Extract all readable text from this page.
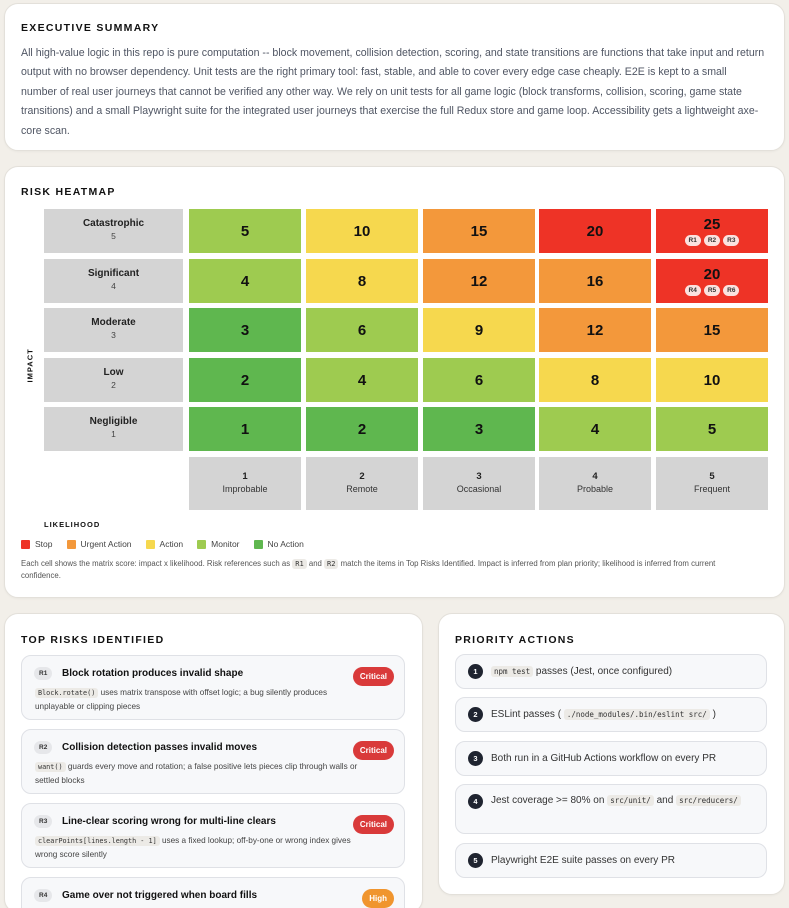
EXECUTIVE SUMMARY

All high-value logic in this repo is pure computation -- block movement, collision detection, scoring, and state transitions are functions that take input and return output with no browser dependency. Unit tests are the right primary tool: fast, stable, and able to cover every edge case cheaply. E2E is kept to a small number of real user journeys that cannot be verified any other way. We rely on unit tests for all game logic (block transforms, collision, scoring, game state transitions) and a small Playwright suite for the integrated user journeys that exercise the full Redux store and game loop. Accessibility gets a lightweight axe-core scan.

RISK HEATMAP
IMPACT
Catastrophic
5	5	10	15	20	25
R1	R2	R3
Significant
4	4	8	12	16	20
R4	R5	R6
Moderate
3	3	6	9	12	15
Low
2	2	4	6	8	10
Negligible
1	1	2	3	4	5
1
Improbable
2
Remote
3
Occasional
4
Probable
5
Frequent
LIKELIHOOD
Stop	Urgent Action	Action	Monitor	No Action

Each cell shows the matrix score: impact x likelihood. Risk references such as R1 and R2 match the items in Top Risks Identified. Impact is inferred from plan priority; likelihood is inferred from current confidence.

TOP RISKS IDENTIFIED
R1	Block rotation produces invalid shape	Critical

Block.rotate() uses matrix transpose with offset logic; a bug silently produces unplayable or clipping pieces

R2	Collision detection passes invalid moves	Critical

want() guards every move and rotation; a false positive lets pieces clip through walls or settled blocks

R3	Line-clear scoring wrong for multi-line clears	Critical

clearPoints[lines.length - 1] uses a fixed lookup; off-by-one or wrong index gives wrong score silently

R4	Game over not triggered when board fills	High
PRIORITY ACTIONS
1	npm test passes (Jest, once configured)

2	ESLint passes ( ./node_modules/.bin/eslint src/ )

3	Both run in a GitHub Actions workflow on every PR

4	Jest coverage >= 80% on src/unit/ and src/reducers/

5	Playwright E2E suite passes on every PR
